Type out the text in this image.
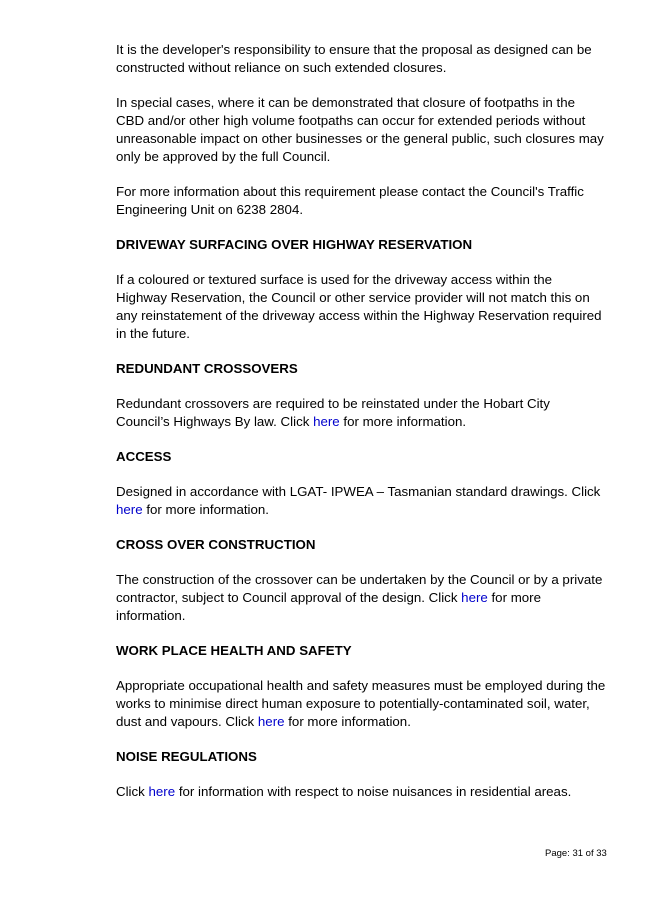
It is the developer's responsibility to ensure that the proposal as designed can be constructed without reliance on such extended closures.

In special cases, where it can be demonstrated that closure of footpaths in the CBD and/or other high volume footpaths can occur for extended periods without unreasonable impact on other businesses or the general public, such closures may only be approved by the full Council.

For more information about this requirement please contact the Council's Traffic Engineering Unit on 6238 2804.

DRIVEWAY SURFACING OVER HIGHWAY RESERVATION

If a coloured or textured surface is used for the driveway access within the Highway Reservation, the Council or other service provider will not match this on any reinstatement of the driveway access within the Highway Reservation required in the future.

REDUNDANT CROSSOVERS

Redundant crossovers are required to be reinstated under the Hobart City Council’s Highways By law. Click here for more information.

ACCESS

Designed in accordance with LGAT- IPWEA – Tasmanian standard drawings. Click here for more information.

CROSS OVER CONSTRUCTION

The construction of the crossover can be undertaken by the Council or by a private contractor, subject to Council approval of the design. Click here for more information.

WORK PLACE HEALTH AND SAFETY

Appropriate occupational health and safety measures must be employed during the works to minimise direct human exposure to potentially-contaminated soil, water, dust and vapours. Click here for more information.

NOISE REGULATIONS

Click here for information with respect to noise nuisances in residential areas.

Page: 31 of 33
